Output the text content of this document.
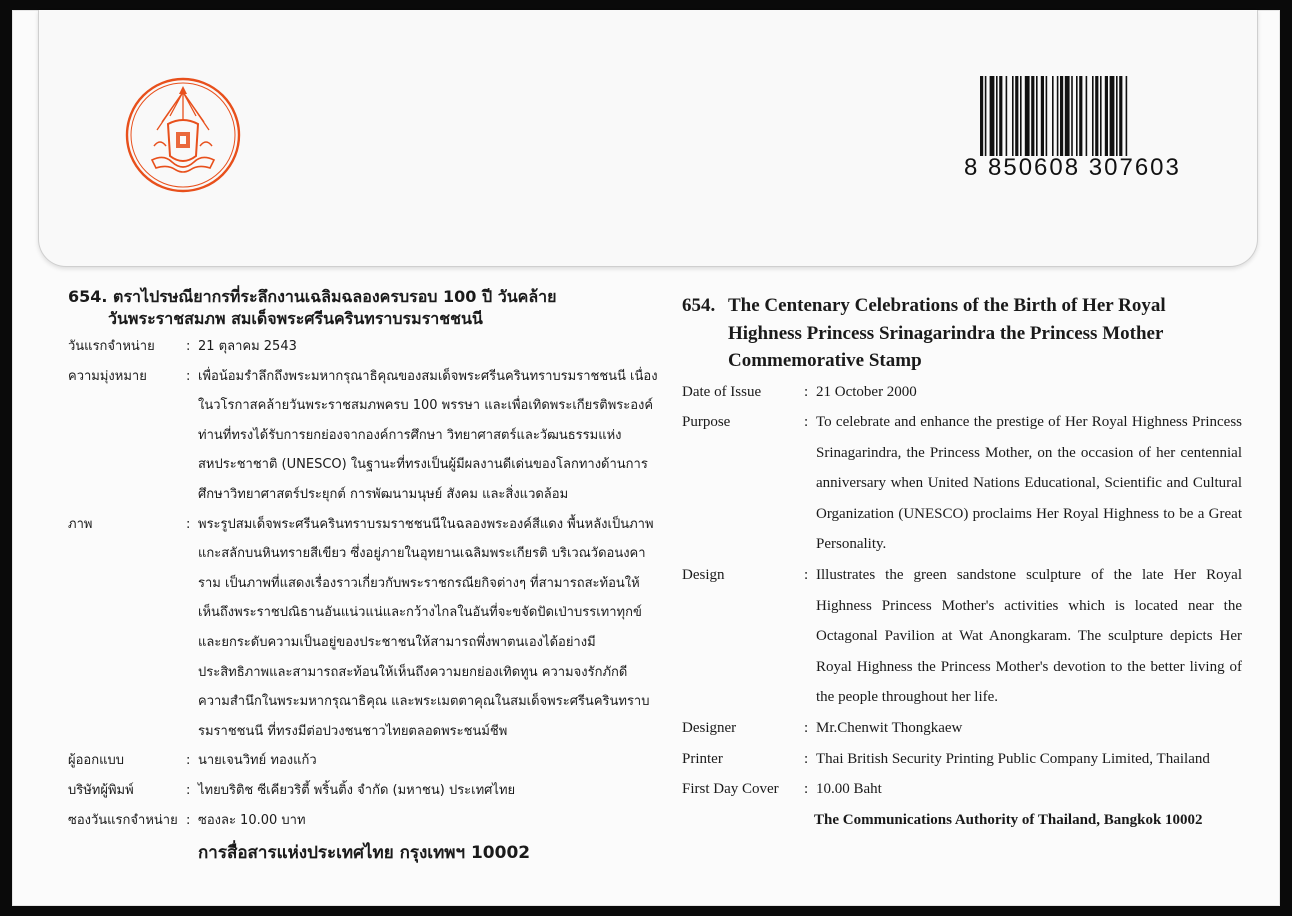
8 850608 307603
654. ตราไปรษณียากรที่ระลึกงานเฉลิมฉลองครบรอบ 100 ปี วันคล้าย
วันพระราชสมภพ สมเด็จพระศรีนครินทราบรมราชชนนี
วันแรกจำหน่าย	: 21 ตุลาคม 2543
ความมุ่งหมาย	: เพื่อน้อมรำลึกถึงพระมหากรุณาธิคุณของสมเด็จพระศรีนครินทราบรมราชชนนี เนื่องในวโรกาสคล้ายวันพระราชสมภพครบ 100 พรรษา และเพื่อเทิดพระเกียรติพระองค์ท่านที่ทรงได้รับการยกย่องจากองค์การศึกษา วิทยาศาสตร์และวัฒนธรรมแห่งสหประชาชาติ (UNESCO) ในฐานะที่ทรงเป็นผู้มีผลงานดีเด่นของโลกทางด้านการศึกษาวิทยาศาสตร์ประยุกต์ การพัฒนามนุษย์ สังคม และสิ่งแวดล้อม
ภาพ	: พระรูปสมเด็จพระศรีนครินทราบรมราชชนนีในฉลองพระองค์สีแดง พื้นหลังเป็นภาพแกะสลักบนหินทรายสีเขียว ซึ่งอยู่ภายในอุทยานเฉลิมพระเกียรติ บริเวณวัดอนงคาราม เป็นภาพที่แสดงเรื่องราวเกี่ยวกับพระราชกรณียกิจต่างๆ ที่สามารถสะท้อนให้เห็นถึงพระราชปณิธานอันแน่วแน่และกว้างไกลในอันที่จะขจัดปัดเป่าบรรเทาทุกข์และยกระดับความเป็นอยู่ของประชาชนให้สามารถพึ่งพาตนเองได้อย่างมีประสิทธิภาพและสามารถสะท้อนให้เห็นถึงความยกย่องเทิดทูน ความจงรักภักดี ความสำนึกในพระมหากรุณาธิคุณ และพระเมตตาคุณในสมเด็จพระศรีนครินทราบรมราชชนนี ที่ทรงมีต่อปวงชนชาวไทยตลอดพระชนม์ชีพ
ผู้ออกแบบ	: นายเจนวิทย์ ทองแก้ว
บริษัทผู้พิมพ์	: ไทยบริติช ซีเคียวริตี้ พริ้นติ้ง จำกัด (มหาชน) ประเทศไทย
ซองวันแรกจำหน่าย : ซองละ 10.00 บาท
การสื่อสารแห่งประเทศไทย กรุงเทพฯ 10002
654. The Centenary Celebrations of the Birth of Her Royal
Highness Princess Srinagarindra the Princess Mother
Commemorative Stamp
Date of Issue	: 21 October 2000
Purpose	: To celebrate and enhance the prestige of Her Royal Highness Princess Srinagarindra, the Princess Mother, on the occasion of her centennial anniversary when United Nations Educational, Scientific and Cultural Organization (UNESCO) proclaims Her Royal Highness to be a Great Personality.
Design	: Illustrates the green sandstone sculpture of the late Her Royal Highness Princess Mother's activities which is located near the Octagonal Pavilion at Wat Anongkaram. The sculpture depicts Her Royal Highness the Princess Mother's devotion to the better living of the people throughout her life.
Designer	: Mr.Chenwit Thongkaew
Printer	: Thai British Security Printing Public Company Limited, Thailand
First Day Cover	: 10.00 Baht
The Communications Authority of Thailand, Bangkok 10002
